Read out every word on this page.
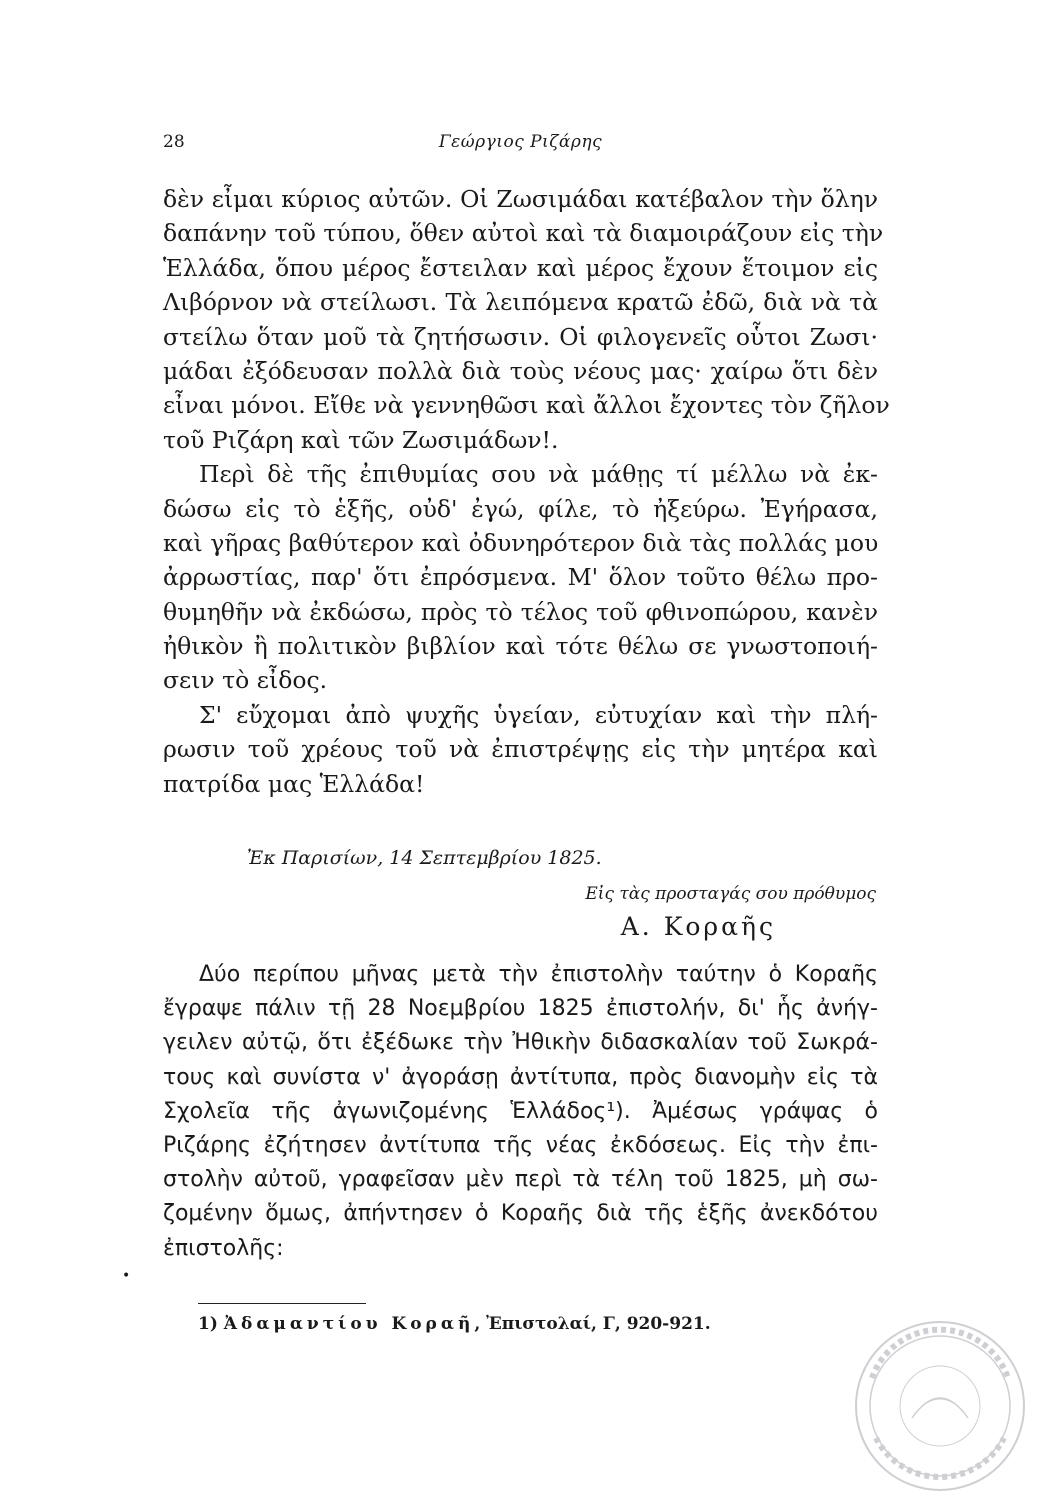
28	Γεώργιος Ριζάρης
δὲν εἶμαι κύριος αὐτῶν. Οἱ Ζωσιμάδαι κατέβαλον τὴν ὅλην
δαπάνην τοῦ τύπου, ὅθεν αὐτοὶ καὶ τὰ διαμοιράζουν εἰς τὴν
Ἑλλάδα, ὅπου μέρος ἔστειλαν καὶ μέρος ἔχουν ἕτοιμον εἰς
Λιβόρνον νὰ στείλωσι. Τὰ λειπόμενα κρατῶ ἐδῶ, διὰ νὰ τὰ
στείλω ὅταν μοῦ τὰ ζητήσωσιν. Οἱ φιλογενεῖς οὗτοι Ζωσι·
μάδαι ἐξόδευσαν πολλὰ διὰ τοὺς νέους μας· χαίρω ὅτι δὲν
εἶναι μόνοι. Εἴθε νὰ γεννηθῶσι καὶ ἄλλοι ἔχοντες τὸν ζῆλον
τοῦ Ριζάρη καὶ τῶν Ζωσιμάδων!.
Περὶ δὲ τῆς ἐπιθυμίας σου νὰ μάθῃς τί μέλλω νὰ ἐκ-
δώσω εἰς τὸ ἑξῆς, οὐδ' ἐγώ, φίλε, τὸ ἠξεύρω. Ἐγήρασα,
καὶ γῆρας βαθύτερον καὶ ὀδυνηρότερον διὰ τὰς πολλάς μου
ἀρρωστίας, παρ' ὅτι ἐπρόσμενα. Μ' ὅλον τοῦτο θέλω προ-
θυμηθῆν νὰ ἐκδώσω, πρὸς τὸ τέλος τοῦ φθινοπώρου, κανὲν
ἠθικὸν ἢ πολιτικὸν βιβλίον καὶ τότε θέλω σε γνωστοποιή-
σειν τὸ εἶδος.
Σ' εὔχομαι ἀπὸ ψυχῆς ὑγείαν, εὐτυχίαν καὶ τὴν πλή-
ρωσιν τοῦ χρέους τοῦ νὰ ἐπιστρέψῃς εἰς τὴν μητέρα καὶ
πατρίδα μας Ἑλλάδα!
Ἐκ Παρισίων, 14 Σεπτεμβρίου 1825.
Εἰς τὰς προσταγάς σου πρόθυμος
Α. Κοραῆς
Δύο περίπου μῆνας μετὰ τὴν ἐπιστολὴν ταύτην ὁ Κοραῆς
ἔγραψε πάλιν τῇ 28 Νοεμβρίου 1825 ἐπιστολήν, δι' ἧς ἀνήγ-
γειλεν αὐτῷ, ὅτι ἐξέδωκε τὴν Ἠθικὴν διδασκαλίαν τοῦ Σωκρά-
τους καὶ συνίστα ν' ἀγοράσῃ ἀντίτυπα, πρὸς διανομὴν εἰς τὰ
Σχολεῖα τῆς ἀγωνιζομένης Ἑλλάδος¹). Ἀμέσως γράψας ὁ
Ριζάρης ἐζήτησεν ἀντίτυπα τῆς νέας ἐκδόσεως. Εἰς τὴν ἐπι-
στολὴν αὐτοῦ, γραφεῖσαν μὲν περὶ τὰ τέλη τοῦ 1825, μὴ σω-
ζομένην ὅμως, ἀπήντησεν ὁ Κοραῆς διὰ τῆς ἑξῆς ἀνεκδότου
ἐπιστολῆς:
•
1) Ἀδαμαντίου Κοραῆ, Ἐπιστολαί, Γ, 920-921.
